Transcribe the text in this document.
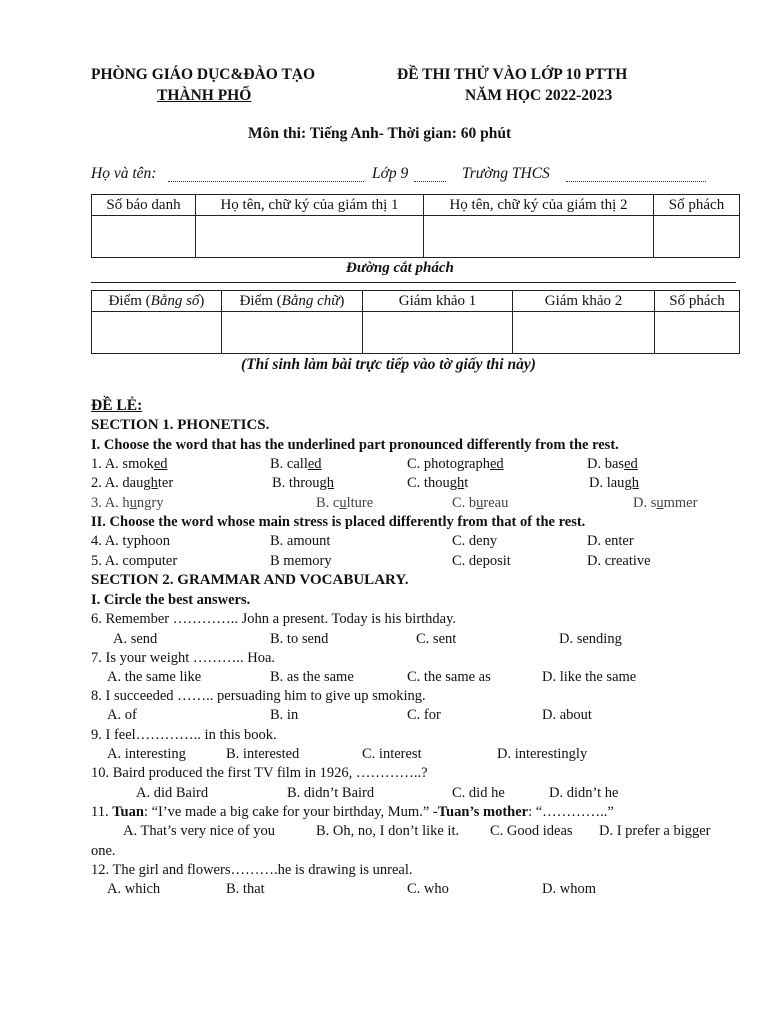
PHÒNG GIÁO DỤC&ĐÀO TẠO
THÀNH PHỐ
ĐỀ THI THỬ VÀO LỚP 10 PTTH
NĂM HỌC 2022-2023
Môn thi: Tiếng Anh- Thời gian: 60 phút
Họ và tên:	Lớp 9	Trường THCS
Số báo danh	Họ tên, chữ ký của giám thị 1	Họ tên, chữ ký của giám thị 2	Số phách

Đường cắt phách
Điểm (Bằng số)	Điểm (Bằng chữ)	Giám khảo 1	Giám khảo 2	Số phách

(Thí sinh làm bài trực tiếp vào tờ giấy thi này)
ĐỀ LẺ:
SECTION 1. PHONETICS.
I. Choose the word that has the underlined part pronounced differently from the rest.
1. A. smoked	B. called	C. photographed	D. based
2. A. daughter	B. through	C. thought	D. laugh
3. A. hungry	B. culture	C. bureau	D. summer
II. Choose the word whose main stress is placed differently from that of the rest.
4. A. typhoon	B. amount	C. deny	D. enter
5. A. computer	B memory	C. deposit	D. creative
SECTION 2. GRAMMAR AND VOCABULARY.
I. Circle the best answers.
6. Remember ………….. John a present. Today is his birthday.
A. send	B. to send	C. sent	D. sending
7. Is your weight ……….. Hoa.
A. the same like	B. as the same	C. the same as	D. like the same
8. I succeeded …….. persuading him to give up smoking.
A. of	B. in	C. for	D. about
9. I feel………….. in this book.
A. interesting	B. interested	C. interest	D. interestingly
10. Baird produced the first TV film in 1926, …………..?
A. did Baird	B. didn’t Baird	C. did he	D. didn’t he
11. Tuan: “I’ve made a big cake for your birthday, Mum.” -Tuan’s mother: “…………..”
A. That’s very nice of you	B. Oh, no, I don’t like it. C. Good ideas D. I prefer a bigger
one.
12. The girl and flowers……….he is drawing is unreal.
A. which	B. that	C. who	D. whom
